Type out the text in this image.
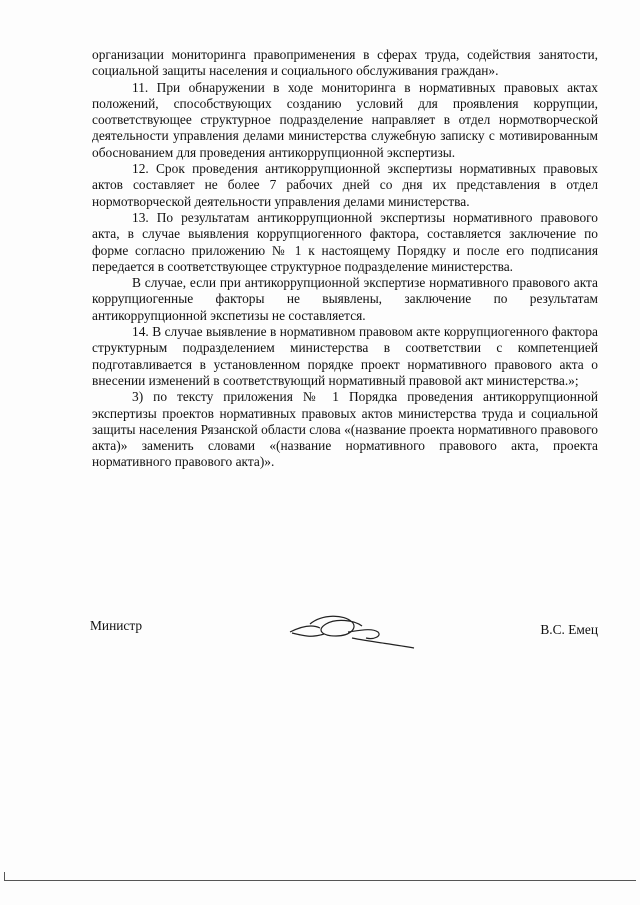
организации мониторинга правоприменения в сферах труда, содействия занятости, социальной защиты населения и социального обслуживания граждан».

11. При обнаружении в ходе мониторинга в нормативных правовых актах положений, способствующих созданию условий для проявления коррупции, соответствующее структурное подразделение направляет в отдел нормотворческой деятельности управления делами министерства служебную записку с мотивированным обоснованием для проведения антикоррупционной экспертизы.

12. Срок проведения антикоррупционной экспертизы нормативных правовых актов составляет не более 7 рабочих дней со дня их представления в отдел нормотворческой деятельности управления делами министерства.

13. По результатам антикоррупционной экспертизы нормативного правового акта, в случае выявления коррупциогенного фактора, составляется заключение по форме согласно приложению № 1 к настоящему Порядку и после его подписания передается в соответствующее структурное подразделение министерства.

В случае, если при антикоррупционной экспертизе нормативного правового акта коррупциогенные факторы не выявлены, заключение по результатам антикоррупционной экспетизы не составляется.

14. В случае выявление в нормативном правовом акте коррупциогенного фактора структурным подразделением министерства в соответствии с компетенцией подготавливается в установленном порядке проект нормативного правового акта о внесении изменений в соответствующий нормативный правовой акт министерства.»;

3) по тексту приложения № 1 Порядка проведения антикоррупционной экспертизы проектов нормативных правовых актов министерства труда и социальной защиты населения Рязанской области слова «(название проекта нормативного правового акта)» заменить словами «(название нормативного правового акта, проекта нормативного правового акта)».

Министр	В.С. Емец
